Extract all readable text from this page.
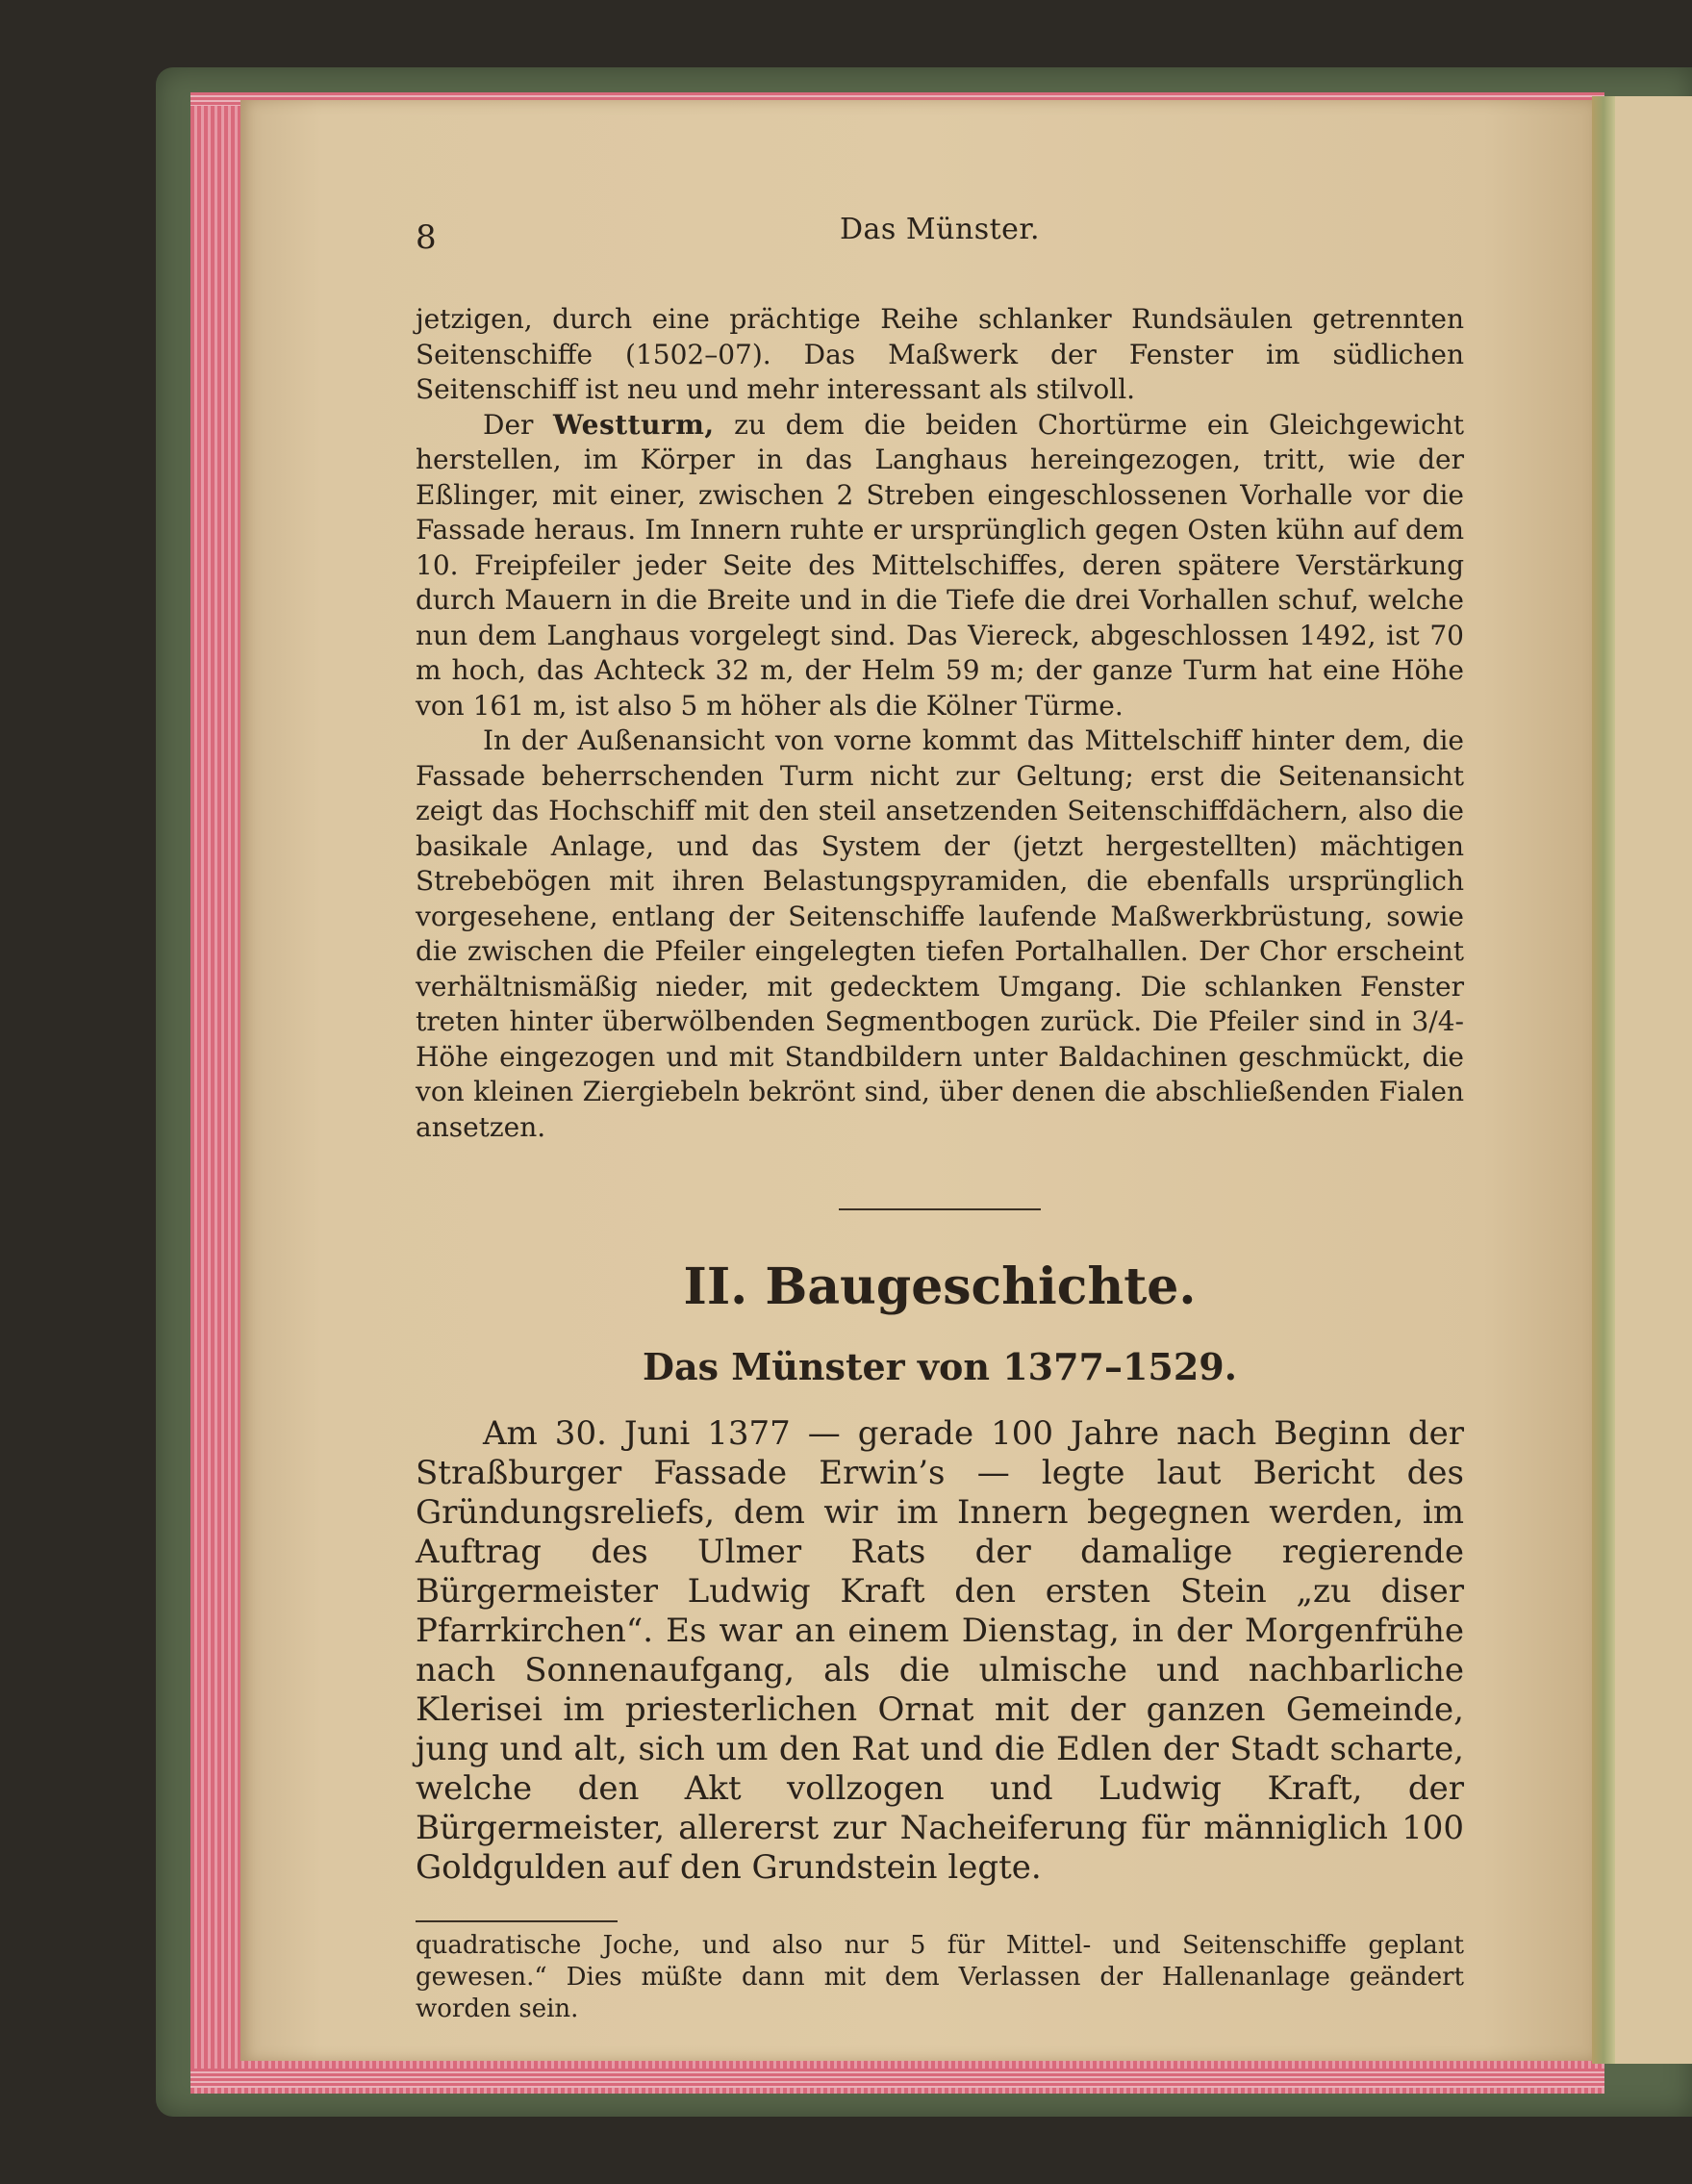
8	Das Münster.

jetzigen, durch eine prächtige Reihe schlanker Rundsäulen getrennten Seitenschiffe (1502–07). Das Maßwerk der Fenster im südlichen Seitenschiff ist neu und mehr interessant als stilvoll.

Der Westturm, zu dem die beiden Chortürme ein Gleichgewicht herstellen, im Körper in das Langhaus hereingezogen, tritt, wie der Eßlinger, mit einer, zwischen 2 Streben eingeschlossenen Vorhalle vor die Fassade heraus. Im Innern ruhte er ursprünglich gegen Osten kühn auf dem 10. Freipfeiler jeder Seite des Mittelschiffes, deren spätere Verstärkung durch Mauern in die Breite und in die Tiefe die drei Vorhallen schuf, welche nun dem Langhaus vorgelegt sind. Das Viereck, abgeschlossen 1492, ist 70 m hoch, das Achteck 32 m, der Helm 59 m; der ganze Turm hat eine Höhe von 161 m, ist also 5 m höher als die Kölner Türme.

In der Außenansicht von vorne kommt das Mittelschiff hinter dem, die Fassade beherrschenden Turm nicht zur Geltung; erst die Seitenansicht zeigt das Hochschiff mit den steil ansetzenden Seitenschiffdächern, also die basikale Anlage, und das System der (jetzt hergestellten) mächtigen Strebebögen mit ihren Belastungspyramiden, die ebenfalls ursprünglich vorgesehene, entlang der Seitenschiffe laufende Maßwerkbrüstung, sowie die zwischen die Pfeiler eingelegten tiefen Portalhallen. Der Chor erscheint verhältnismäßig nieder, mit gedecktem Umgang. Die schlanken Fenster treten hinter überwölbenden Segmentbogen zurück. Die Pfeiler sind in 3/4-Höhe eingezogen und mit Standbildern unter Baldachinen geschmückt, die von kleinen Ziergiebeln bekrönt sind, über denen die abschließenden Fialen ansetzen.

II. Baugeschichte.
Das Münster von 1377–1529.

Am 30. Juni 1377 — gerade 100 Jahre nach Beginn der Straßburger Fassade Erwin’s — legte laut Bericht des Gründungsreliefs, dem wir im Innern begegnen werden, im Auftrag des Ulmer Rats der damalige regierende Bürgermeister Ludwig Kraft den ersten Stein „zu diser Pfarrkirchen“. Es war an einem Dienstag, in der Morgenfrühe nach Sonnenaufgang, als die ulmische und nachbarliche Klerisei im priesterlichen Ornat mit der ganzen Gemeinde, jung und alt, sich um den Rat und die Edlen der Stadt scharte, welche den Akt vollzogen und Ludwig Kraft, der Bürgermeister, allererst zur Nacheiferung für männiglich 100 Goldgulden auf den Grundstein legte.

quadratische Joche, und also nur 5 für Mittel- und Seitenschiffe geplant gewesen.“ Dies müßte dann mit dem Verlassen der Hallenanlage geändert worden sein.
